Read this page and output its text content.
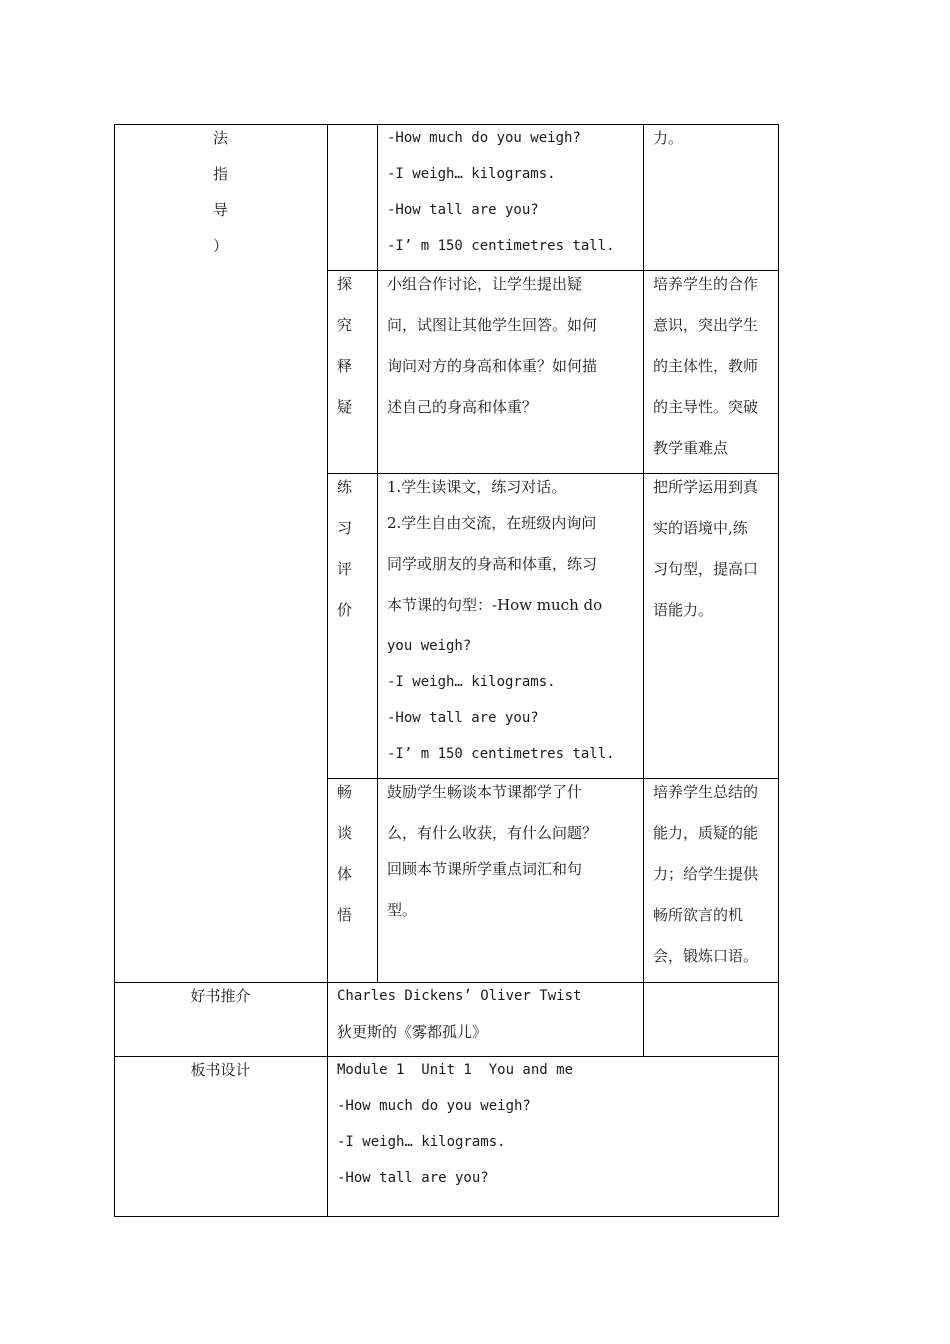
法
指
导
）
-How much do you weigh?
-I weigh… kilograms.
-How tall are you?
-I’ m 150 centimetres tall.
力。
探
究
释
疑
小组合作讨论，让学生提出疑
问，试图让其他学生回答。如何
询问对方的身高和体重？如何描
述自己的身高和体重？
培养学生的合作
意识，突出学生
的主体性，教师
的主导性。突破
教学重难点
练
习
评
价
1.学生读课文，练习对话。
2.学生自由交流，在班级内询问
同学或朋友的身高和体重，练习
本节课的句型：-How much do
you weigh?
-I weigh… kilograms.
-How tall are you?
-I’ m 150 centimetres tall.
把所学运用到真
实的语境中,练
习句型，提高口
语能力。
畅
谈
体
悟
鼓励学生畅谈本节课都学了什
么，有什么收获，有什么问题？
回顾本节课所学重点词汇和句
型。
培养学生总结的
能力，质疑的能
力；给学生提供
畅所欲言的机
会，锻炼口语。
好书推介	Charles Dickens’ Oliver Twist
狄更斯的《雾都孤儿》
板书设计	Module 1  Unit 1  You and me
-How much do you weigh?
-I weigh… kilograms.
-How tall are you?
